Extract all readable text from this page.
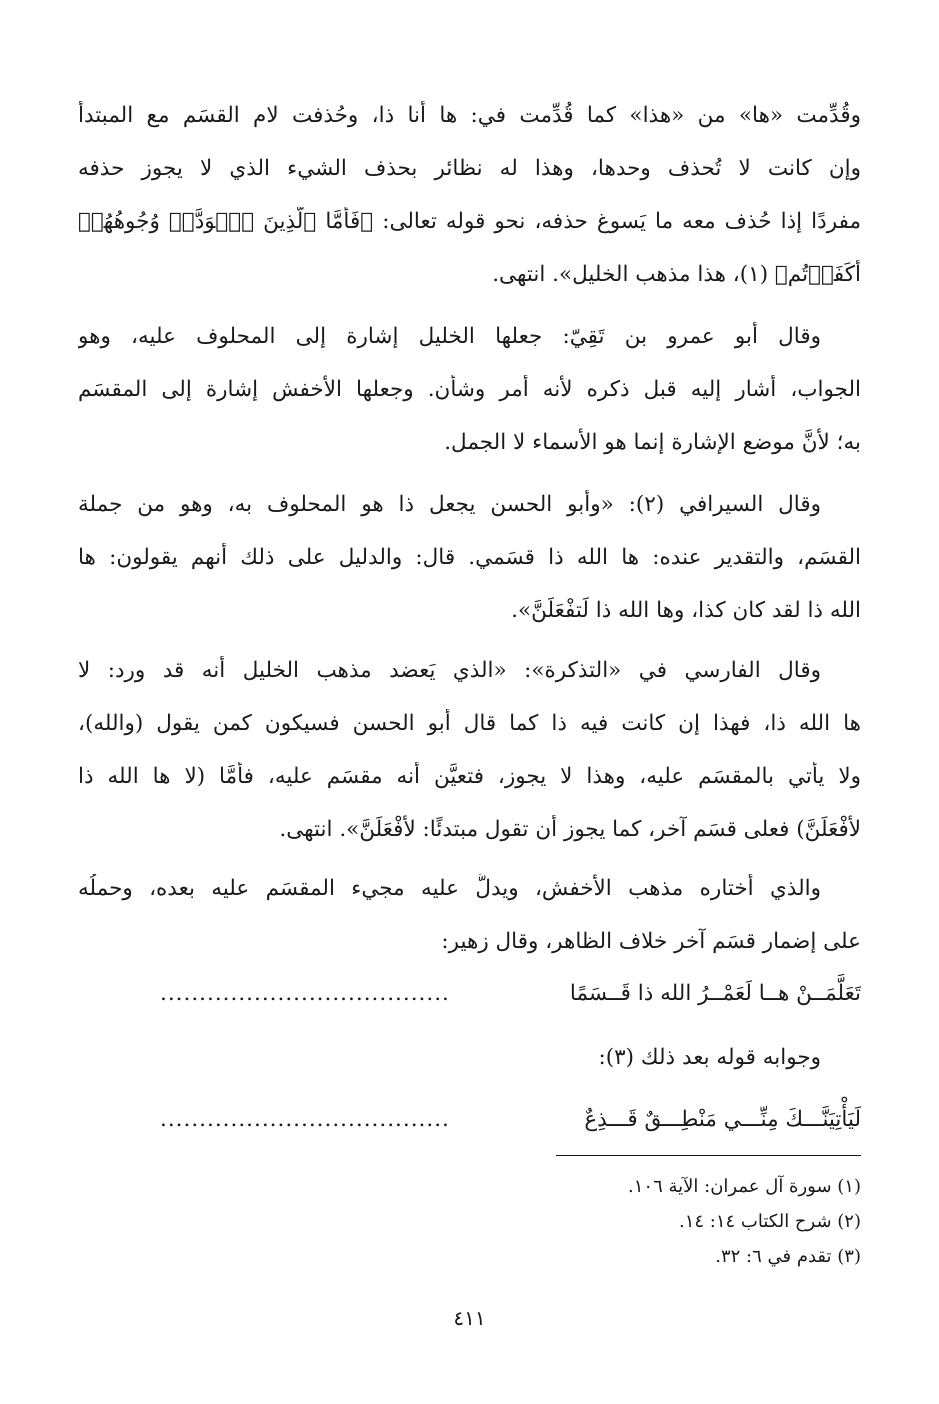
وقُدِّمت «ها» من «هذا» كما قُدِّمت في: ها أنا ذا، وحُذفت لام القسَم مع المبتدأ
وإن كانت لا تُحذف وحدها، وهذا له نظائر بحذف الشيء الذي لا يجوز حذفه
مفردًا إذا حُذف معه ما يَسوغ حذفه، نحو قوله تعالى: ﴿فَأَمَّا ٱلَّذِينَ ٱسۡوَدَّتۡ وُجُوهُهُمۡ
أَكَفَرۡتُم﴾ (١)، هذا مذهب الخليل». انتهى.
وقال أبو عمرو بن تَقِيّ: جعلها الخليل إشارة إلى المحلوف عليه، وهو
الجواب، أشار إليه قبل ذكره لأنه أمر وشأن. وجعلها الأخفش إشارة إلى المقسَم
به؛ لأنَّ موضع الإشارة إنما هو الأسماء لا الجمل.
وقال السيرافي (٢): «وأبو الحسن يجعل ذا هو المحلوف به، وهو من جملة
القسَم، والتقدير عنده: ها الله ذا قسَمي. قال: والدليل على ذلك أنهم يقولون: ها
الله ذا لقد كان كذا، وها الله ذا لَتفْعَلَنَّ».
وقال الفارسي في «التذكرة»: «الذي يَعضد مذهب الخليل أنه قد ورد: لا
ها الله ذا، فهذا إن كانت فيه ذا كما قال أبو الحسن فسيكون كمن يقول (والله)،
ولا يأتي بالمقسَم عليه، وهذا لا يجوز، فتعيَّن أنه مقسَم عليه، فأمَّا (لا ها الله ذا
لأَفْعَلَنَّ) فعلى قسَم آخر، كما يجوز أن تقول مبتدئًا: لأَفْعَلَنَّ». انتهى.
والذي أختاره مذهب الأخفش، ويدلُّ عليه مجيء المقسَم عليه بعده، وحملُه
على إضمار قسَم آخر خلاف الظاهر، وقال زهير:
تَعَلَّمَــنْ هــا لَعَمْــرُ الله ذا قَــسَمًا
.....................................
وجوابه قوله بعد ذلك (٣):
لَيَأْتِيَنَّـــكَ مِنِّـــي مَنْطِـــقٌ قَـــذِعٌ
.....................................
(١) سورة آل عمران: الآية ١٠٦.
(٢) شرح الكتاب ١٤: ١٤.
(٣) تقدم في ٦: ٣٢.
٤١١
